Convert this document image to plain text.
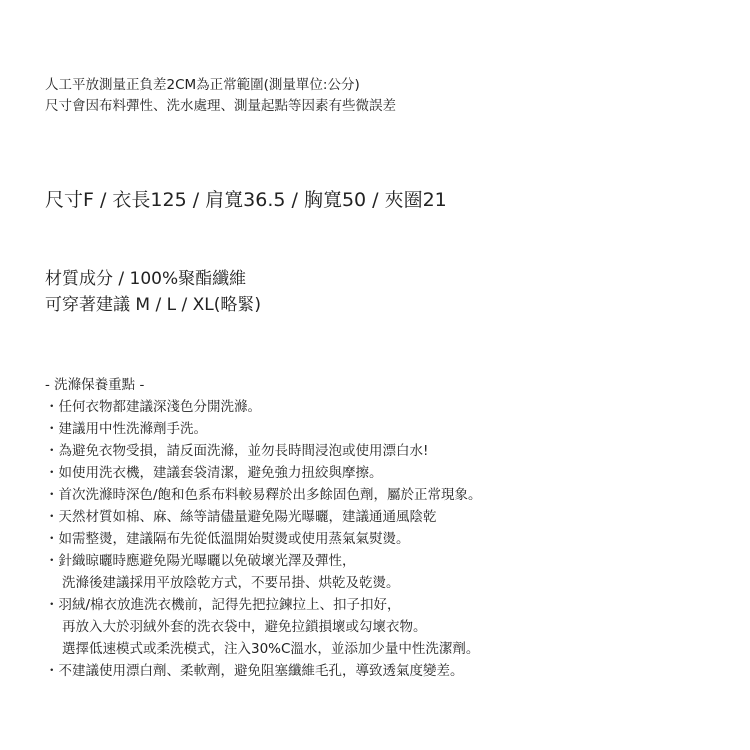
人工平放測量正負差2CM為正常範圍(測量單位:公分)
尺寸會因布料彈性、洗水處理、測量起點等因素有些微誤差
尺寸F / 衣長125 / 肩寬36.5 / 胸寬50 / 夾圈21
材質成分 / 100%聚酯纖維
可穿著建議 M / L / XL(略緊)
- 洗滌保養重點 -
・ 任何衣物都建議深淺色分開洗滌。
・ 建議用中性洗滌劑手洗。
・ 為避免衣物受損，請反面洗滌，並勿長時間浸泡或使用漂白水!
・ 如使用洗衣機，建議套袋清潔，避免強力扭絞與摩擦。
・ 首次洗滌時深色/飽和色系布料較易釋於出多餘固色劑，屬於正常現象。
・ 天然材質如棉、麻、絲等請儘量避免陽光曝曬，建議通通風陰乾
・ 如需整燙，建議隔布先從低溫開始熨燙或使用蒸氣氣熨燙。
・ 針織晾曬時應避免陽光曝曬以免破壞光澤及彈性，
洗滌後建議採用平放陰乾方式，不要吊掛、烘乾及乾燙。
・ 羽絨/棉衣放進洗衣機前，記得先把拉鍊拉上、扣子扣好，
再放入大於羽絨外套的洗衣袋中，避免拉鎖損壞或勾壞衣物。
選擇低速模式或柔洗模式，注入30%C溫水，並添加少量中性洗潔劑。
・ 不建議使用漂白劑、柔軟劑，避免阻塞纖維毛孔，導致透氣度變差。
